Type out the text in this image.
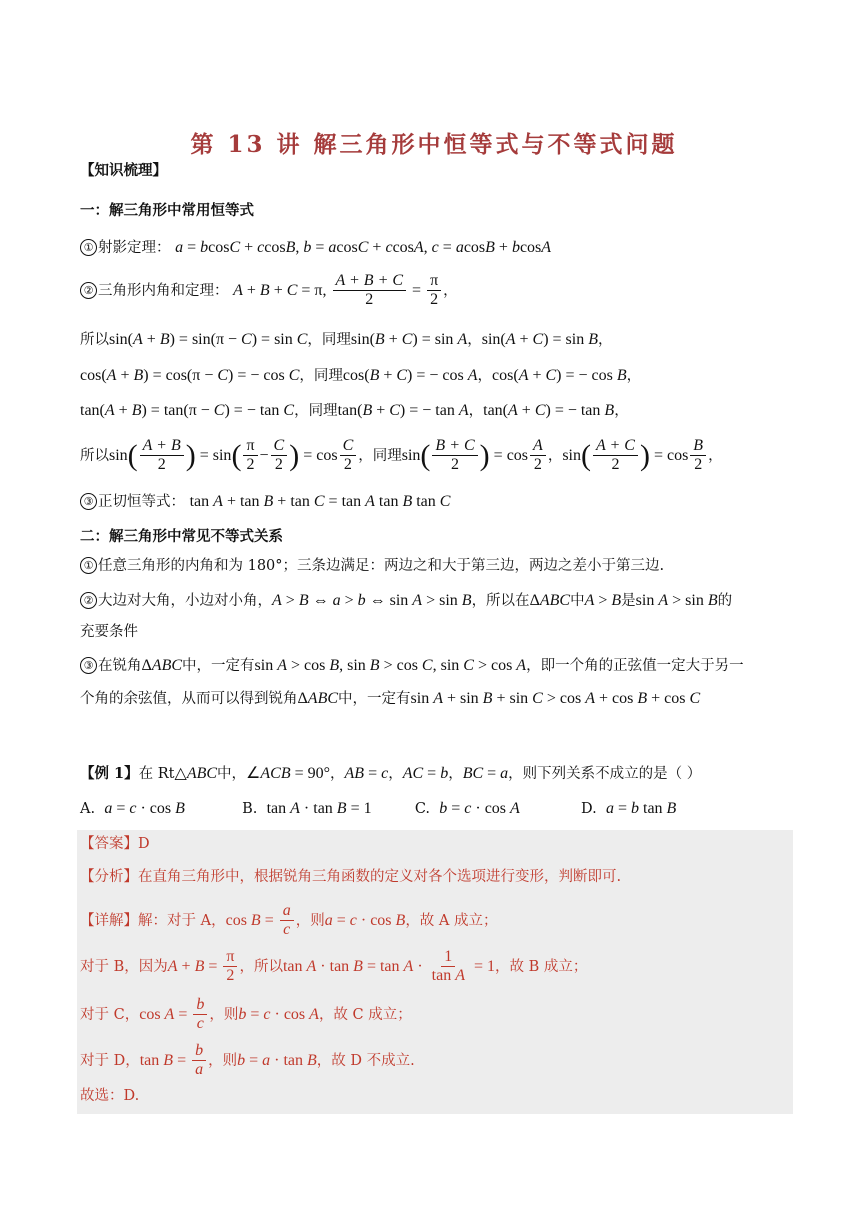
第 13 讲 解三角形中恒等式与不等式问题
【知识梳理】
一：解三角形中常用恒等式
① 射影定理： a = bcosC + ccosB, b = acosC + ccosA, c = acosB + bcosA
② 三角形内角和定理： A + B + C = π, $\frac{A + B + C}{2} = \frac{\pi}{2}$ ，
所以sin(A + B) = sin(π − C) = sin C，同理sin(B + C) = sin A，sin(A + C) = sin B，
cos(A + B) = cos(π − C) = − cos C，同理cos(B + C) = − cos A，cos(A + C) = − cos B，
tan(A + B) = tan(π − C) = − tan C，同理tan(B + C) = − tan A，tan(A + C) = − tan B，
所以$\sin( \frac{A + B}{2}$ ) = $\sin( \frac{\pi}{2} - \frac{C}{2}$ ) = $\cos \frac{C}{2}$ ，同理$\sin( \frac{B + C}{2}$ ) = $\cos \frac{A}{2}$ ，$\sin( \frac{A + C}{2}$ ) = $\cos \frac{B}{2}$ ，
③ 正切恒等式： tan A + tan B + tan C = tan A tan B tan C
二：解三角形中常见不等式关系
① 任意三角形的内角和为 180°；三条边满足：两边之和大于第三边，两边之差小于第三边.
② 大边对大角，小边对小角，A > B ⇔ a > b ⇔ sin A > sin B，所以在ΔABC中A > B是sin A > sin B的
充要条件
③ 在锐角ΔABC中，一定有sin A > cos B, sin B > cos C, sin C > cos A，即一个角的正弦值一定大于另一
个角的余弦值，从而可以得到锐角ΔABC中，一定有sin A + sin B + sin C > cos A + cos B + cos C
【例 1】在 Rt△ABC中，∠ACB = 90°，AB = c，AC = b，BC = a，则下列关系不成立的是（ ）
A. a = c · cos B	B. tan A · tan B = 1	C. b = c · cos A	D. a = b tan B
【答案】D
【分析】在直角三角形中，根据锐角三角函数的定义对各个选项进行变形，判断即可.
【详解】解：对于 A，$\cos B = \frac{a}{c}$ ，则a = c · cos B，故 A 成立；
对于 B，因为$A + B = \frac{\pi}{2}$ ，所以$\tan A \cdot \tan B = \tan A \cdot \frac{1}{\text{tan A}} = 1$，故 B 成立；
对于 C，$\cos A = \frac{b}{c}$ ，则b = c · cos A，故 C 成立；
对于 D，$\tan B = \frac{b}{a}$ ，则b = a · tan B，故 D 不成立.
故选：D.
